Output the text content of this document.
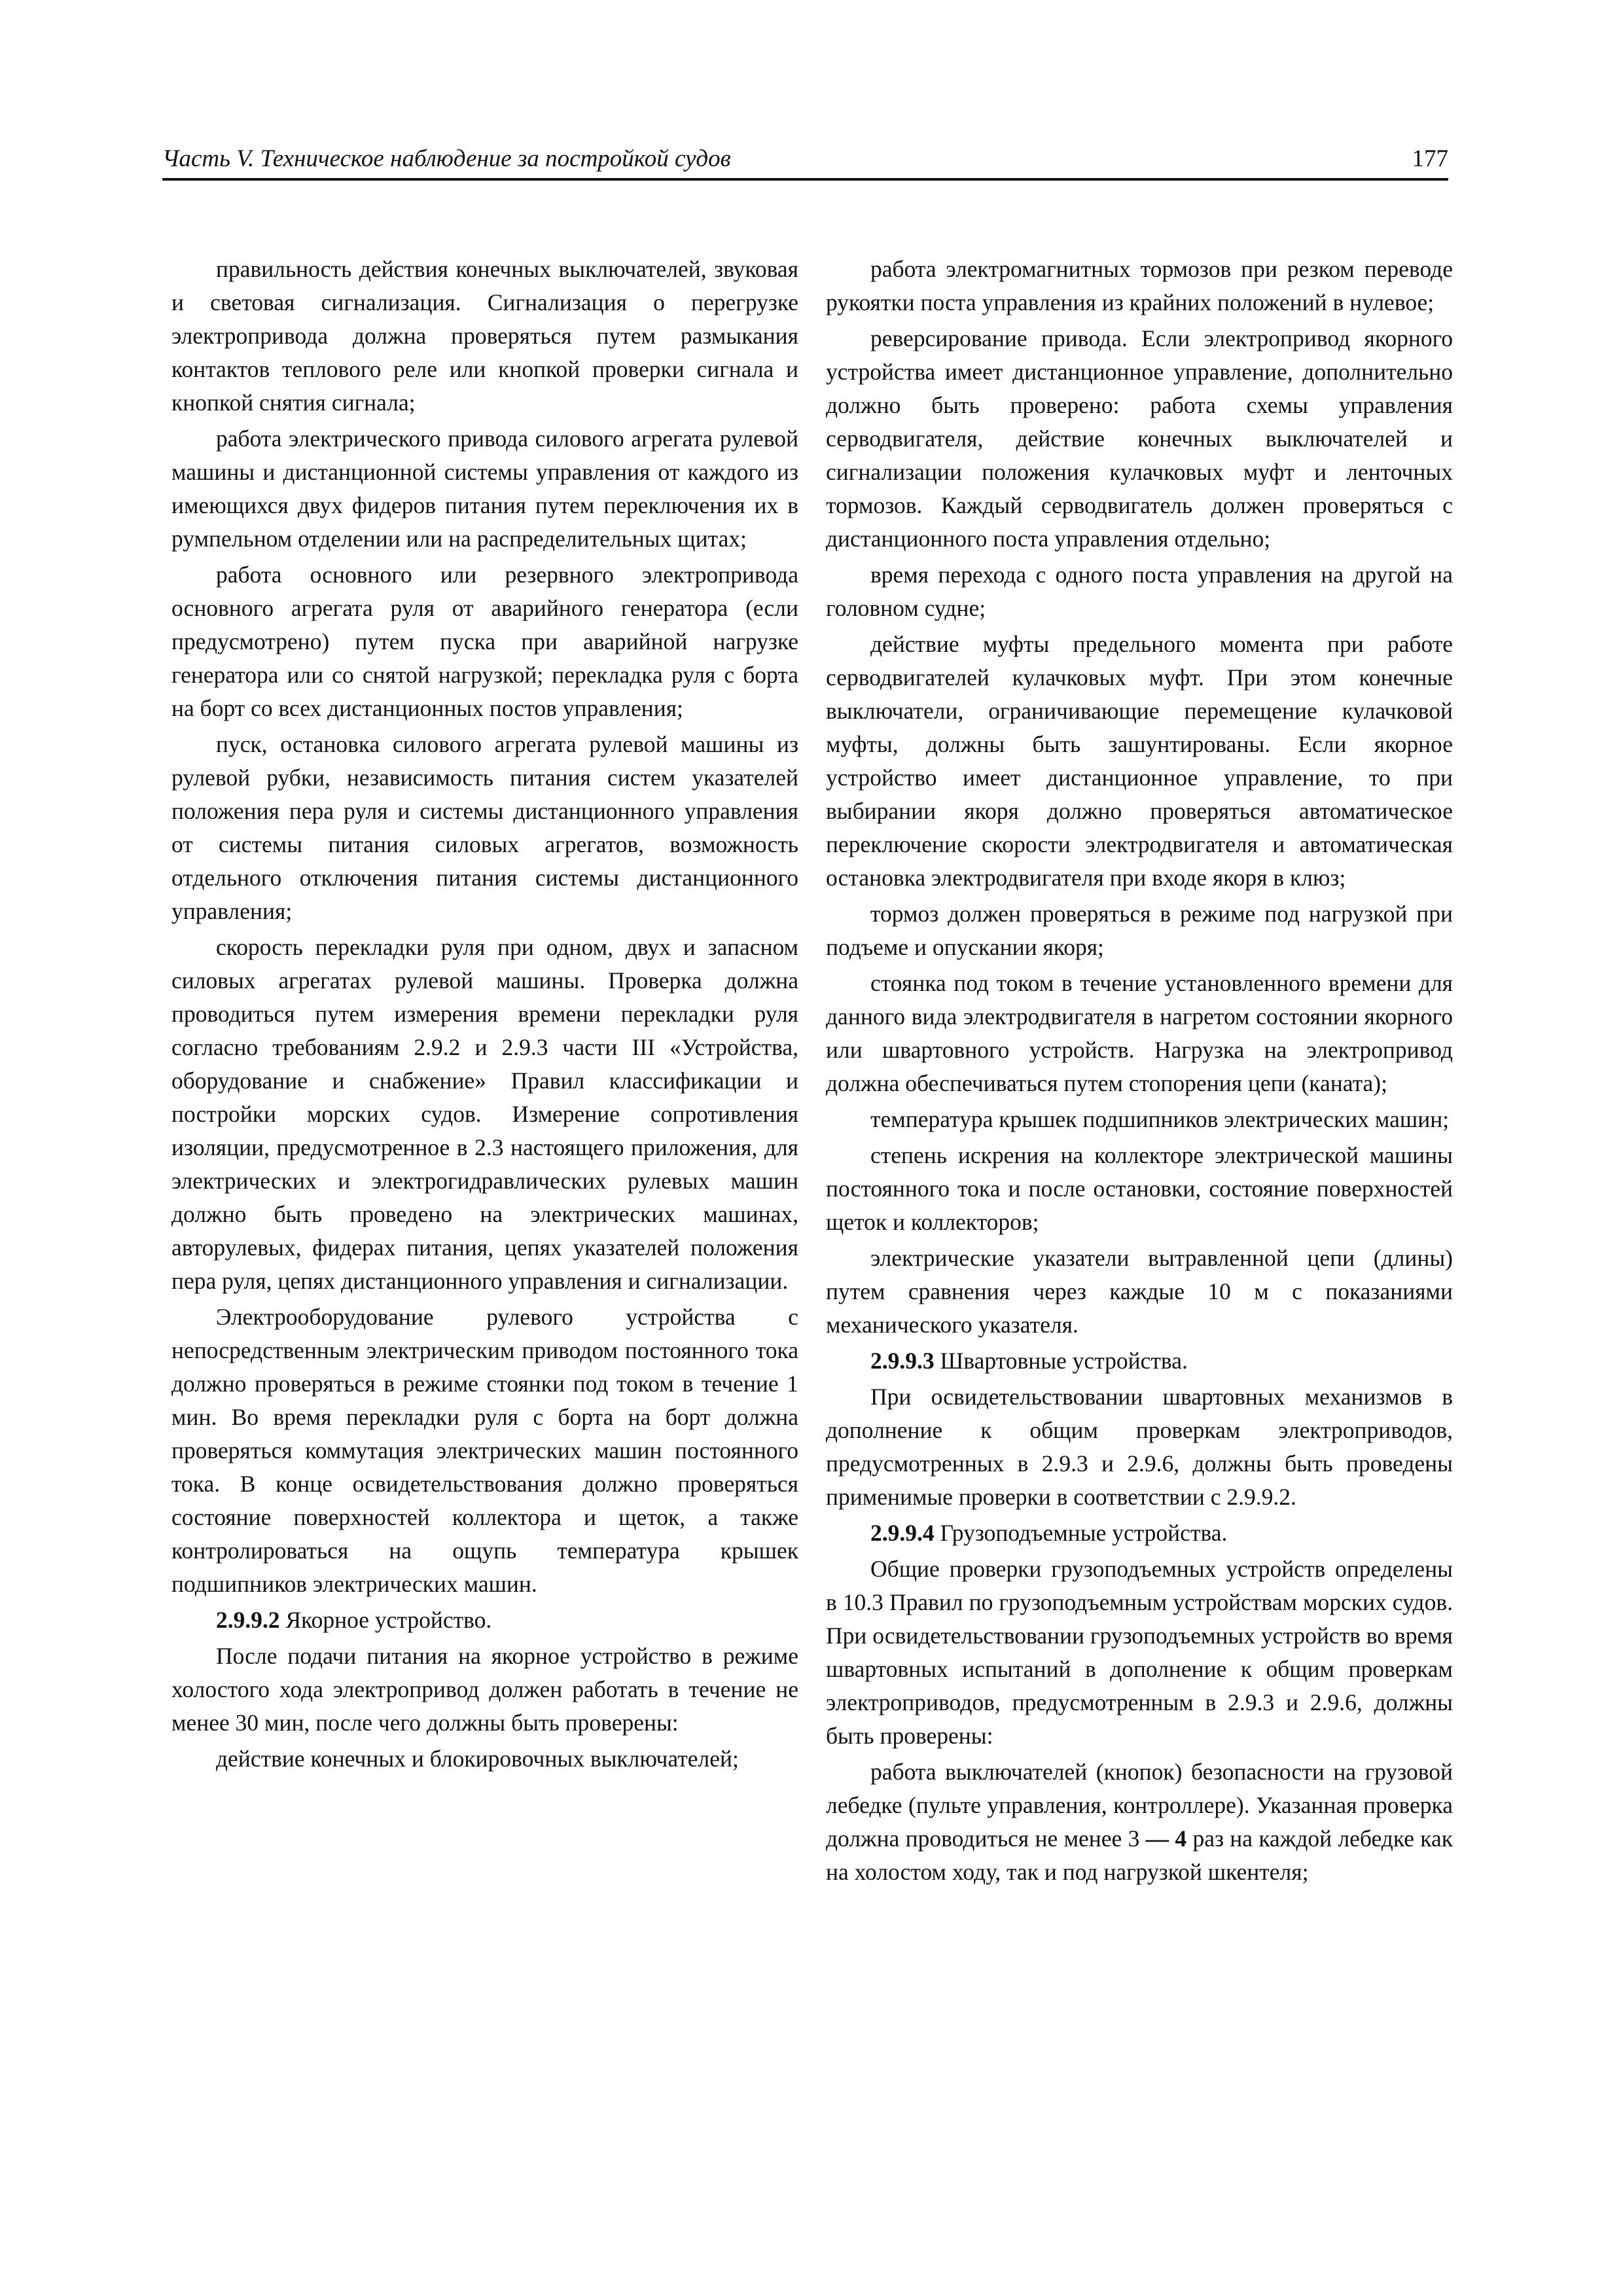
Часть V. Техническое наблюдение за постройкой судов	177

правильность действия конечных выключателей, звуковая и световая сигнализация. Сигнализация о перегрузке электропривода должна проверяться путем размыкания контактов теплового реле или кнопкой проверки сигнала и кнопкой снятия сигнала;

работа электрического привода силового агрегата рулевой машины и дистанционной системы управления от каждого из имеющихся двух фидеров питания путем переключения их в румпельном отделении или на распределительных щитах;

работа основного или резервного электропривода основного агрегата руля от аварийного генератора (если предусмотрено) путем пуска при аварийной нагрузке генератора или со снятой нагрузкой; перекладка руля с борта на борт со всех дистанционных постов управления;

пуск, остановка силового агрегата рулевой машины из рулевой рубки, независимость питания систем указателей положения пера руля и системы дистанционного управления от системы питания силовых агрегатов, возможность отдельного отключения питания системы дистанционного управления;

скорость перекладки руля при одном, двух и запасном силовых агрегатах рулевой машины. Проверка должна проводиться путем измерения времени перекладки руля согласно требованиям 2.9.2 и 2.9.3 части III «Устройства, оборудование и снабжение» Правил классификации и постройки морских судов. Измерение сопротивления изоляции, предусмотренное в 2.3 настоящего приложения, для электрических и электрогидравлических рулевых машин должно быть проведено на электрических машинах, авторулевых, фидерах питания, цепях указателей положения пера руля, цепях дистанционного управления и сигнализации.

Электрооборудование рулевого устройства с непосредственным электрическим приводом постоянного тока должно проверяться в режиме стоянки под током в течение 1 мин. Во время перекладки руля с борта на борт должна проверяться коммутация электрических машин постоянного тока. В конце освидетельствования должно проверяться состояние поверхностей коллектора и щеток, а также контролироваться на ощупь температура крышек подшипников электрических машин.

2.9.9.2 Якорное устройство.

После подачи питания на якорное устройство в режиме холостого хода электропривод должен работать в течение не менее 30 мин, после чего должны быть проверены:

действие конечных и блокировочных выключателей;

работа электромагнитных тормозов при резком переводе рукоятки поста управления из крайних положений в нулевое;

реверсирование привода. Если электропривод якорного устройства имеет дистанционное управление, дополнительно должно быть проверено: работа схемы управления серводвигателя, действие конечных выключателей и сигнализации положения кулачковых муфт и ленточных тормозов. Каждый серводвигатель должен проверяться с дистанционного поста управления отдельно;

время перехода с одного поста управления на другой на головном судне;

действие муфты предельного момента при работе серводвигателей кулачковых муфт. При этом конечные выключатели, ограничивающие перемещение кулачковой муфты, должны быть зашунтированы. Если якорное устройство имеет дистанционное управление, то при выбирании якоря должно проверяться автоматическое переключение скорости электродвигателя и автоматическая остановка электродвигателя при входе якоря в клюз;

тормоз должен проверяться в режиме под нагрузкой при подъеме и опускании якоря;

стоянка под током в течение установленного времени для данного вида электродвигателя в нагретом состоянии якорного или швартовного устройств. Нагрузка на электропривод должна обеспечиваться путем стопорения цепи (каната);

температура крышек подшипников электрических машин;

степень искрения на коллекторе электрической машины постоянного тока и после остановки, состояние поверхностей щеток и коллекторов;

электрические указатели вытравленной цепи (длины) путем сравнения через каждые 10 м с показаниями механического указателя.

2.9.9.3 Швартовные устройства.

При освидетельствовании швартовных механизмов в дополнение к общим проверкам электроприводов, предусмотренных в 2.9.3 и 2.9.6, должны быть проведены применимые проверки в соответствии с 2.9.9.2.

2.9.9.4 Грузоподъемные устройства.

Общие проверки грузоподъемных устройств определены в 10.3 Правил по грузоподъемным устройствам морских судов. При освидетельствовании грузоподъемных устройств во время швартовных испытаний в дополнение к общим проверкам электроприводов, предусмотренным в 2.9.3 и 2.9.6, должны быть проверены:

работа выключателей (кнопок) безопасности на грузовой лебедке (пульте управления, контроллере). Указанная проверка должна проводиться не менее 3 — 4 раз на каждой лебедке как на холостом ходу, так и под нагрузкой шкентеля;
